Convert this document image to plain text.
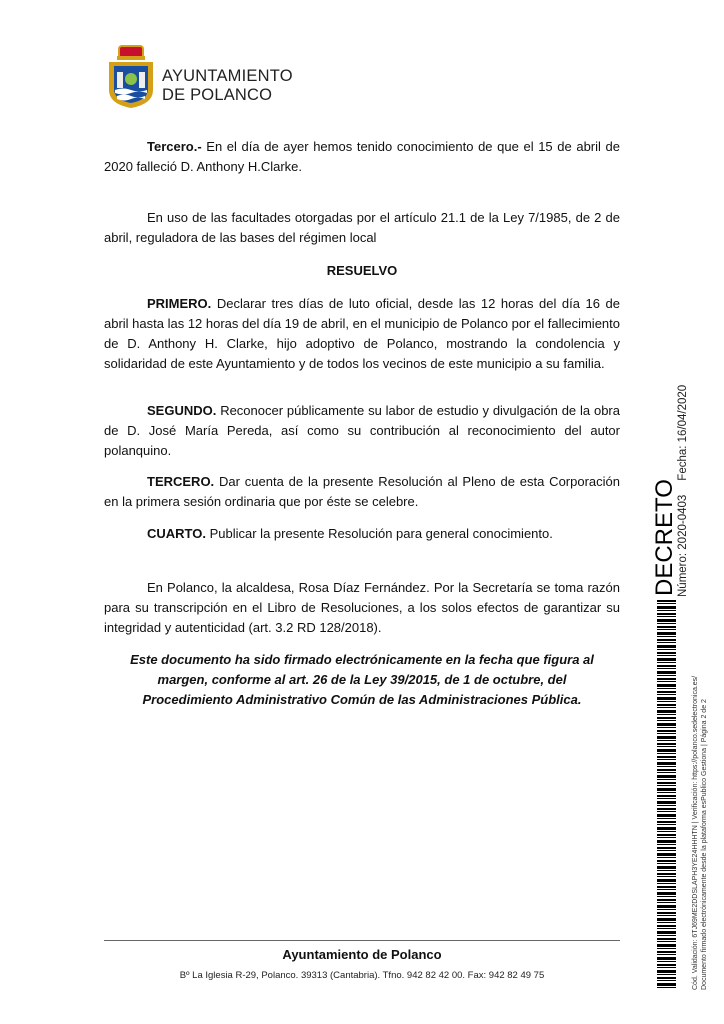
AYUNTAMIENTO
DE POLANCO
Tercero.- En el día de ayer hemos tenido conocimiento de que el 15 de abril de 2020 falleció D. Anthony H.Clarke.
En uso de las facultades otorgadas por el artículo 21.1 de la Ley 7/1985, de 2 de abril, reguladora de las bases del régimen local
RESUELVO
PRIMERO. Declarar tres días de luto oficial, desde las 12 horas del día 16 de abril hasta las 12 horas del día 19 de abril, en el municipio de Polanco por el fallecimiento de D. Anthony H. Clarke, hijo adoptivo de Polanco, mostrando la condolencia y solidaridad de este Ayuntamiento y de todos los vecinos de este municipio a su familia.
SEGUNDO. Reconocer públicamente su labor de estudio y divulgación de la obra de D. José María Pereda, así como su contribución al reconocimiento del autor polanquino.
TERCERO. Dar cuenta de la presente Resolución al Pleno de esta Corporación en la primera sesión ordinaria que por éste se celebre.
CUARTO. Publicar la presente Resolución para general conocimiento.
En Polanco, la alcaldesa, Rosa Díaz Fernández. Por la Secretaría se toma razón para su transcripción en el Libro de Resoluciones, a los solos efectos de garantizar su integridad y autenticidad (art. 3.2 RD 128/2018).
Este documento ha sido firmado electrónicamente en la fecha que figura al margen, conforme al art. 26 de la Ley 39/2015, de 1 de octubre, del Procedimiento Administrativo Común de las Administraciones Pública.
DECRETO Número: 2020-0403Fecha: 16/04/2020
Cód. Validación: 6TJ69ME2DDSLAPH3YE24HHHTN | Verificación: https://polanco.sedelectronica.es/ Documento firmado electrónicamente desde la plataforma esPublico Gestiona | Página 2 de 2
Ayuntamiento de Polanco
Bº La Iglesia R-29, Polanco. 39313 (Cantabria). Tfno. 942 82 42 00. Fax: 942 82 49 75
